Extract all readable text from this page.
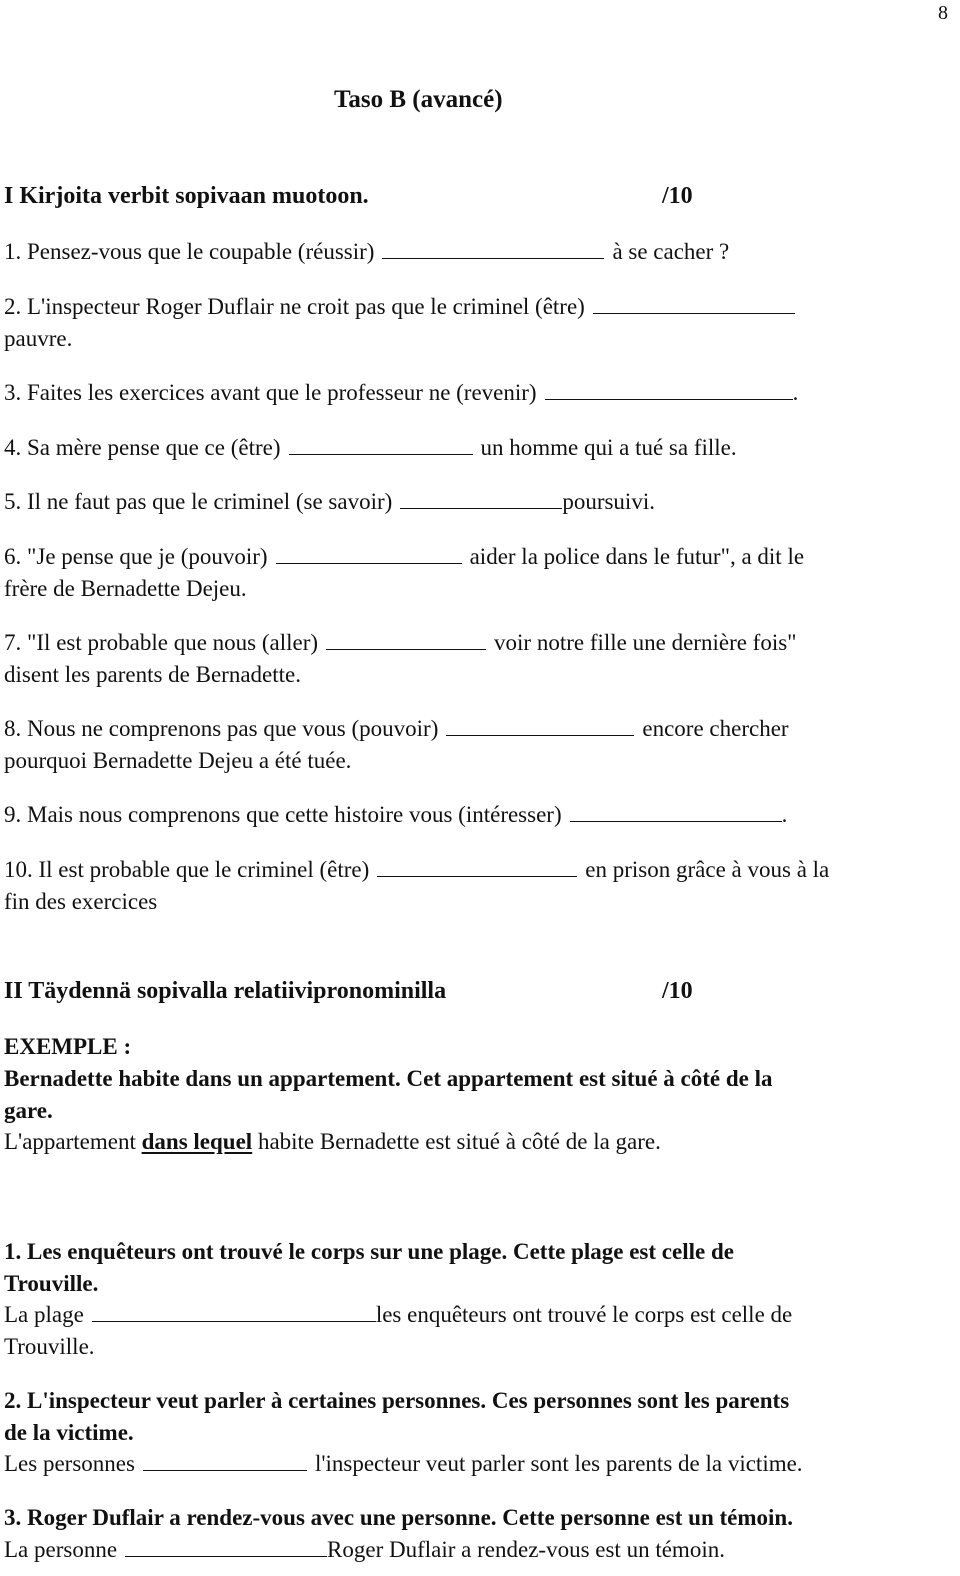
8
Taso B (avancé)
I Kirjoita verbit sopivaan muotoon.	/10
1. Pensez-vous que le coupable (réussir)	à se cacher ?
2. L'inspecteur Roger Duflair ne croit pas que le criminel (être)
pauvre.
3. Faites les exercices avant que le professeur ne (revenir)	.
4. Sa mère pense que ce (être)	un homme qui a tué sa fille.
5. Il ne faut pas que le criminel (se savoir)	poursuivi.
6. "Je pense que je (pouvoir)	aider la police dans le futur", a dit le
frère de Bernadette Dejeu.
7. "Il est probable que nous (aller)	voir notre fille une dernière fois"
disent les parents de Bernadette.
8. Nous ne comprenons pas que vous (pouvoir)	encore chercher
pourquoi Bernadette Dejeu a été tuée.
9. Mais nous comprenons que cette histoire vous (intéresser)	.
10. Il est probable que le criminel (être)	en prison grâce à vous à la
fin des exercices
II Täydennä sopivalla relatiivipronominilla	/10
EXEMPLE :
Bernadette habite dans un appartement. Cet appartement est situé à côté de la
gare.
L'appartement dans lequel habite Bernadette est situé à côté de la gare.
1. Les enquêteurs ont trouvé le corps sur une plage. Cette plage est celle de
Trouville.
La plage	les enquêteurs ont trouvé le corps est celle de
Trouville.
2. L'inspecteur veut parler à certaines personnes. Ces personnes sont les parents
de la victime.
Les personnes	l'inspecteur veut parler sont les parents de la victime.
3. Roger Duflair a rendez-vous avec une personne. Cette personne est un témoin.
La personne	Roger Duflair a rendez-vous est un témoin.
